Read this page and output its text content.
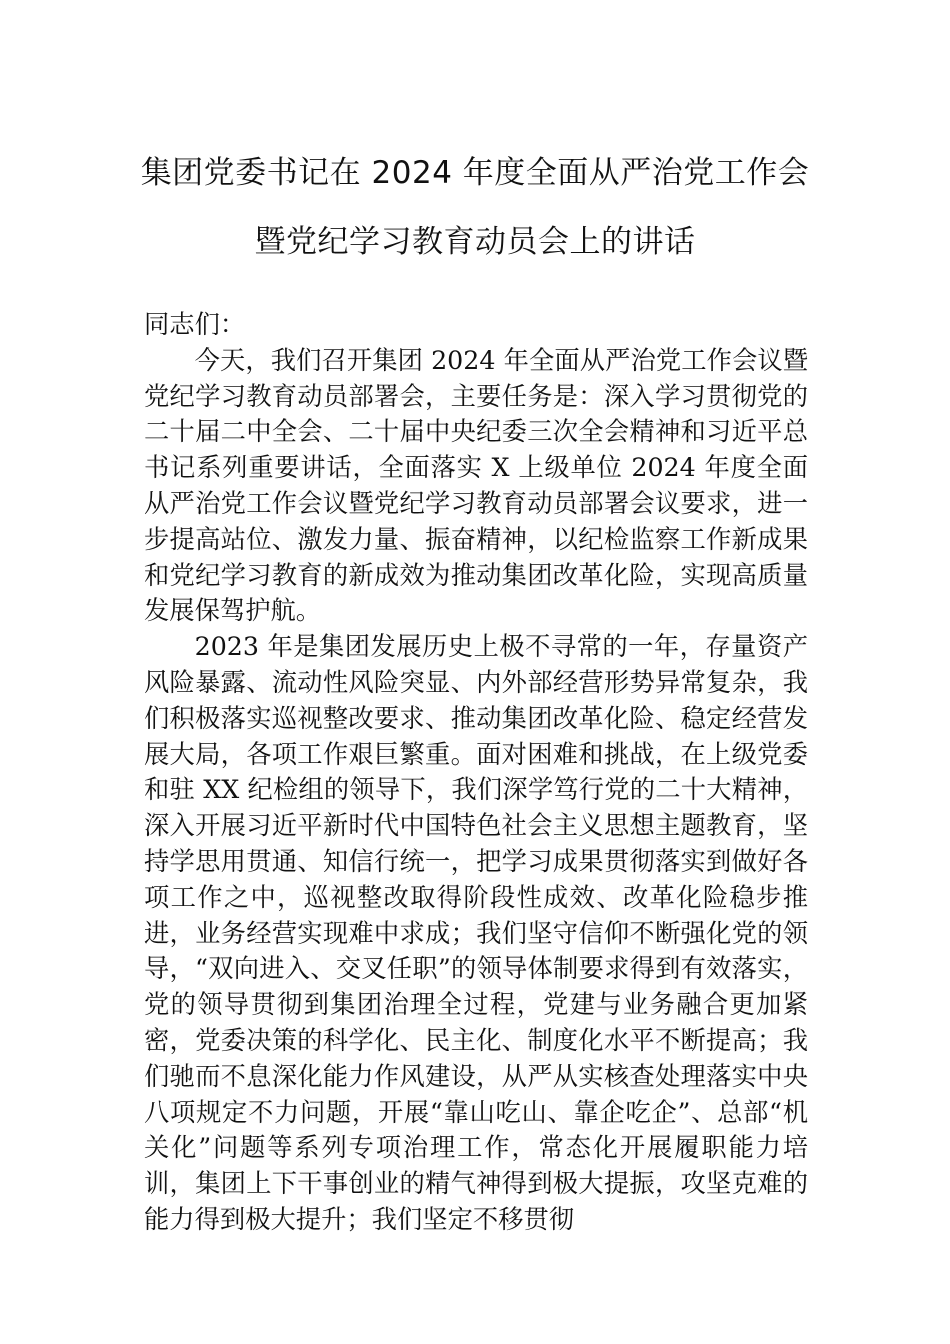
集团党委书记在 2024 年度全面从严治党工作会
暨党纪学习教育动员会上的讲话

同志们：

今天，我们召开集团 2024 年全面从严治党工作会议暨党纪学习教育动员部署会，主要任务是：深入学习贯彻党的二十届二中全会、二十届中央纪委三次全会精神和习近平总书记系列重要讲话，全面落实 X 上级单位 2024 年度全面从严治党工作会议暨党纪学习教育动员部署会议要求，进一步提高站位、激发力量、振奋精神，以纪检监察工作新成果和党纪学习教育的新成效为推动集团改革化险，实现高质量发展保驾护航。

2023 年是集团发展历史上极不寻常的一年，存量资产风险暴露、流动性风险突显、内外部经营形势异常复杂，我们积极落实巡视整改要求、推动集团改革化险、稳定经营发展大局，各项工作艰巨繁重。面对困难和挑战，在上级党委和驻 XX 纪检组的领导下，我们深学笃行党的二十大精神，深入开展习近平新时代中国特色社会主义思想主题教育，坚持学思用贯通、知信行统一，把学习成果贯彻落实到做好各项工作之中，巡视整改取得阶段性成效、改革化险稳步推进，业务经营实现难中求成；我们坚守信仰不断强化党的领导，“双向进入、交叉任职”的领导体制要求得到有效落实，党的领导贯彻到集团治理全过程，党建与业务融合更加紧密，党委决策的科学化、民主化、制度化水平不断提高；我们驰而不息深化能力作风建设，从严从实核查处理落实中央八项规定不力问题，开展“靠山吃山、靠企吃企”、总部“机关化”问题等系列专项治理工作，常态化开展履职能力培训，集团上下干事创业的精气神得到极大提振，攻坚克难的能力得到极大提升；我们坚定不移贯彻
